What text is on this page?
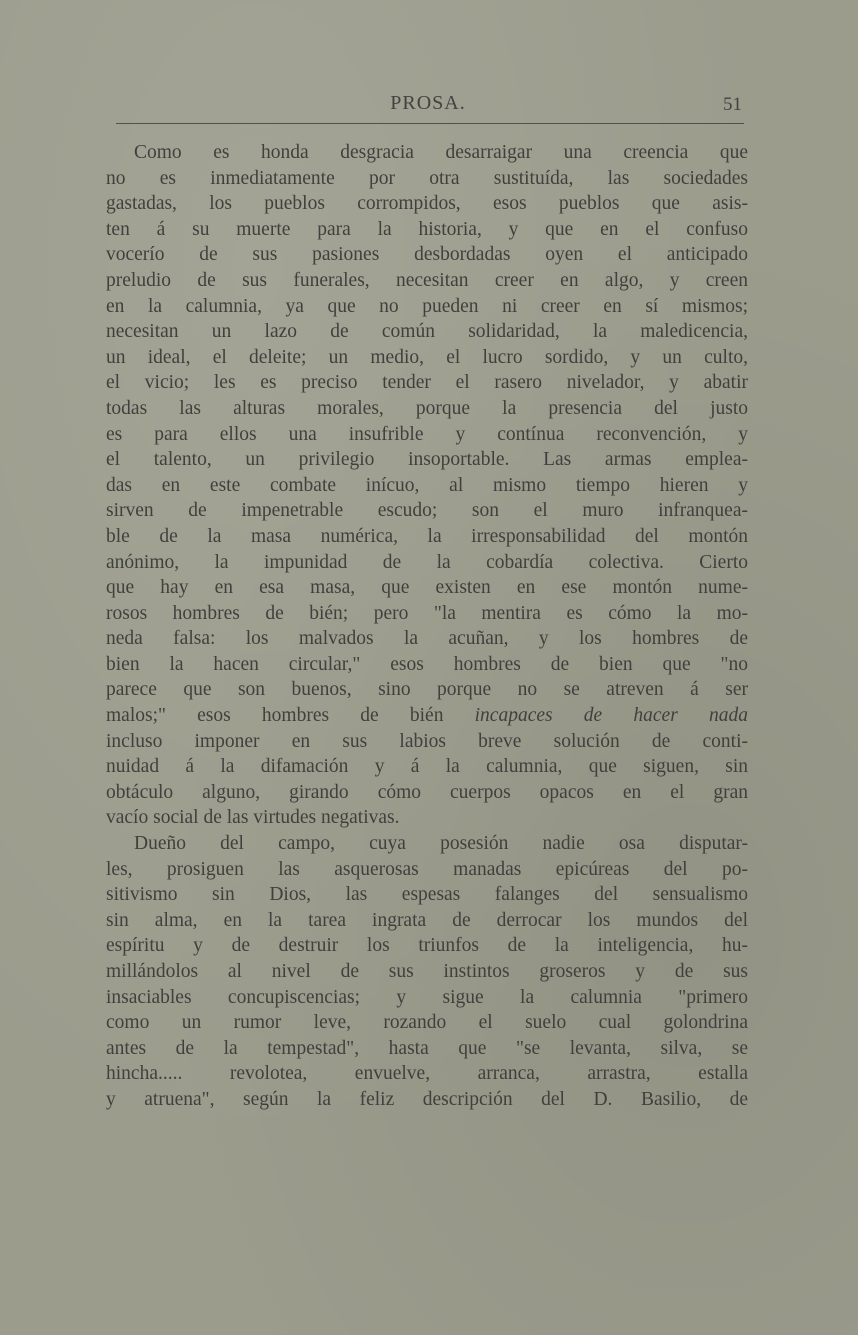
PROSA.	51
Como es honda desgracia desarraigar una creencia que
no es inmediatamente por otra sustituída, las sociedades
gastadas, los pueblos corrompidos, esos pueblos que asis-
ten á su muerte para la historia, y que en el confuso
vocerío de sus pasiones desbordadas oyen el anticipado
preludio de sus funerales, necesitan creer en algo, y creen
en la calumnia, ya que no pueden ni creer en sí mismos;
necesitan un lazo de común solidaridad, la maledicencia,
un ideal, el deleite; un medio, el lucro sordido, y un culto,
el vicio; les es preciso tender el rasero nivelador, y abatir
todas las alturas morales, porque la presencia del justo
es para ellos una insufrible y contínua reconvención, y
el talento, un privilegio insoportable. Las armas emplea-
das en este combate inícuo, al mismo tiempo hieren y
sirven de impenetrable escudo; son el muro infranquea-
ble de la masa numérica, la irresponsabilidad del montón
anónimo, la impunidad de la cobardía colectiva. Cierto
que hay en esa masa, que existen en ese montón nume-
rosos hombres de bién; pero "la mentira es cómo la mo-
neda falsa: los malvados la acuñan, y los hombres de
bien la hacen circular," esos hombres de bien que "no
parece que son buenos, sino porque no se atreven á ser
malos;" esos hombres de bién incapaces de hacer nada
incluso imponer en sus labios breve solución de conti-
nuidad á la difamación y á la calumnia, que siguen, sin
obtáculo alguno, girando cómo cuerpos opacos en el gran
vacío social de las virtudes negativas.
Dueño del campo, cuya posesión nadie osa disputar-
les, prosiguen las asquerosas manadas epicúreas del po-
sitivismo sin Dios, las espesas falanges del sensualismo
sin alma, en la tarea ingrata de derrocar los mundos del
espíritu y de destruir los triunfos de la inteligencia, hu-
millándolos al nivel de sus instintos groseros y de sus
insaciables concupiscencias; y sigue la calumnia "primero
como un rumor leve, rozando el suelo cual golondrina
antes de la tempestad", hasta que "se levanta, silva, se
hincha..... revolotea, envuelve, arranca, arrastra, estalla
y atruena", según la feliz descripción del D. Basilio, de
